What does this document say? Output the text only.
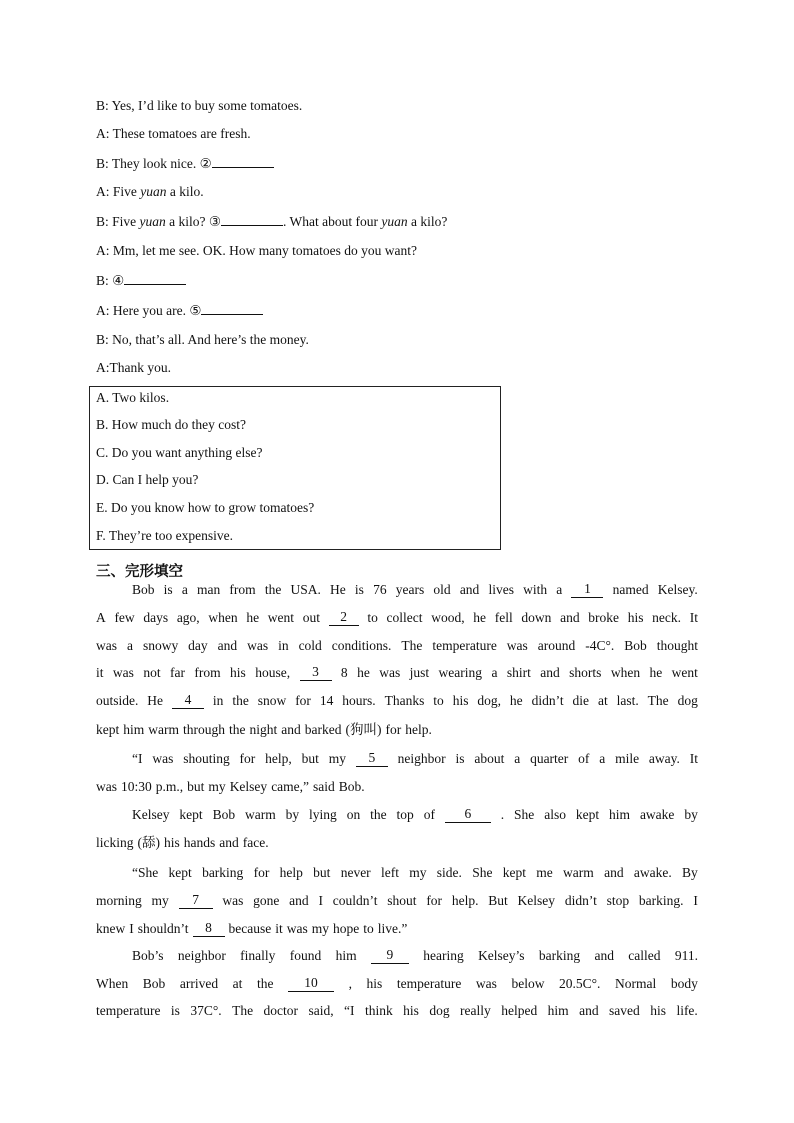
B: Yes, I’d like to buy some tomatoes.
A: These tomatoes are fresh.
B: They look nice. ②
A: Five yuan a kilo.
B: Five yuan a kilo? ③	. What about four yuan a kilo?
A: Mm, let me see. OK. How many tomatoes do you want?
B: ④
A: Here you are. ⑤
B: No, that’s all. And here’s the money.
A:Thank you.
A. Two kilos.
B. How much do they cost?
C. Do you want anything else?
D. Can I help you?
E. Do you know how to grow tomatoes?
F. They’re too expensive.
三、完形填空
Bob is a man from the USA. He is 76 years old and lives with a	1	named Kelsey.
A few days ago, when he went out	2	to collect wood, he fell down and broke his neck. It
was a snowy day and was in cold conditions. The temperature was around -4C°. Bob thought
it was not far from his house,	3	8 he was just wearing a shirt and shorts when he went
outside. He	4	in the snow for 14 hours. Thanks to his dog, he didn’t die at last. The dog
kept him warm through the night and barked (狗叫) for help.
“I was shouting for help, but my	5	neighbor is about a quarter of a mile away. It
was 10:30 p.m., but my Kelsey came,” said Bob.
Kelsey kept Bob warm by lying on the top of	6	. She also kept him awake by
licking (舔) his hands and face.
“She kept barking for help but never left my side. She kept me warm and awake. By
morning my	7	was gone and I couldn’t shout for help. But Kelsey didn’t stop barking. I
knew I shouldn’t	8	because it was my hope to live.”
Bob’s neighbor finally found him	9	hearing Kelsey’s barking and called 911.
When Bob arrived at the	10	, his temperature was below 20.5C°. Normal body
temperature is 37C°. The doctor said, “I think his dog really helped him and saved his life.
